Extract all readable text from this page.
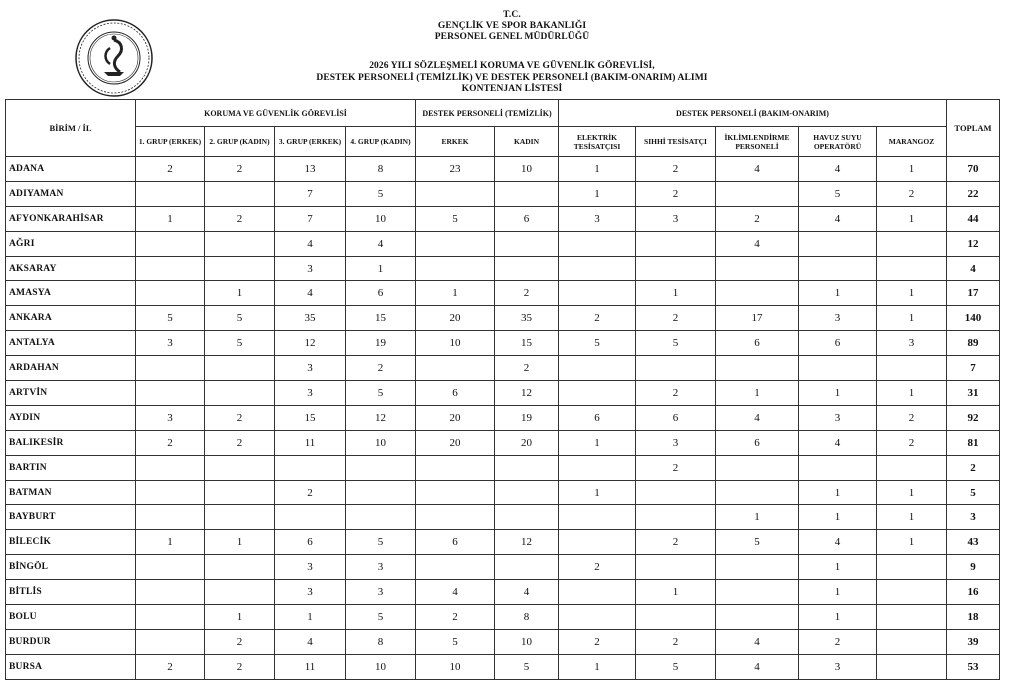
T.C.
GENÇLİK VE SPOR BAKANLIĞI
PERSONEL GENEL MÜDÜRLÜĞÜ
2026 YILI SÖZLEŞMELİ KORUMA VE GÜVENLİK GÖREVLİSİ,
DESTEK PERSONELİ (TEMİZLİK) VE DESTEK PERSONELİ (BAKIM-ONARIM) ALIMI
KONTENJAN LİSTESİ
BİRİM / İL	KORUMA VE GÜVENLİK GÖREVLİSİ				DESTEK PERSONELİ (TEMİZLİK)		DESTEK PERSONELİ (BAKIM-ONARIM)					TOPLAM
	1. GRUP (ERKEK)	2. GRUP (KADIN)	3. GRUP (ERKEK)	4. GRUP (KADIN)	ERKEK	KADIN	ELEKTRİK TESİSATÇISI	SIHHİ TESİSATÇI	İKLİMLENDİRME PERSONELİ	HAVUZ SUYU OPERATÖRÜ	MARANGOZ	
ADANA	2	2	13	8	23	10	1	2	4	4	1	70
ADIYAMAN			7	5			1	2		5	2	22
AFYONKARAHİSAR	1	2	7	10	5	6	3	3	2	4	1	44
AĞRI			4	4					4			12
AKSARAY			3	1								4
AMASYA		1	4	6	1	2		1		1	1	17
ANKARA	5	5	35	15	20	35	2	2	17	3	1	140
ANTALYA	3	5	12	19	10	15	5	5	6	6	3	89
ARDAHAN			3	2		2						7
ARTVİN			3	5	6	12		2	1	1	1	31
AYDIN	3	2	15	12	20	19	6	6	4	3	2	92
BALIKESİR	2	2	11	10	20	20	1	3	6	4	2	81
BARTIN								2				2
BATMAN			2				1			1	1	5
BAYBURT									1	1	1	3
BİLECİK	1	1	6	5	6	12		2	5	4	1	43
BİNGÖL			3	3			2			1		9
BİTLİS			3	3	4	4		1		1		16
BOLU		1	1	5	2	8				1		18
BURDUR		2	4	8	5	10	2	2	4	2		39
BURSA	2	2	11	10	10	5	1	5	4	3		53
